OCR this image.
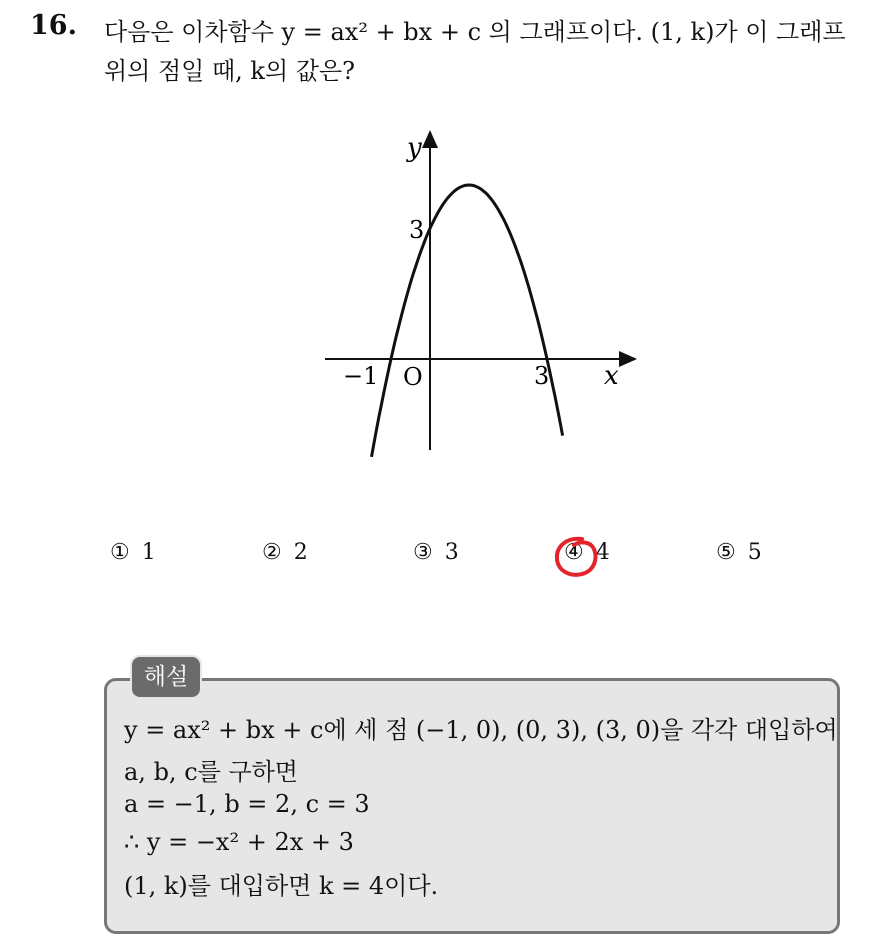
16. 다음은 이차함수 y = ax² + bx + c 의 그래프이다. (1, k)가 이 그래프
위의 점일 때, k의 값은?
y
x
O
−1	3
3
① 1	② 2	③ 3	④ 4	⑤ 5
해설
y = ax² + bx + c에 세 점 (−1, 0), (0, 3), (3, 0)을 각각 대입하여
a, b, c를 구하면
a = −1, b = 2, c = 3
∴ y = −x² + 2x + 3
(1, k)를 대입하면 k = 4이다.
